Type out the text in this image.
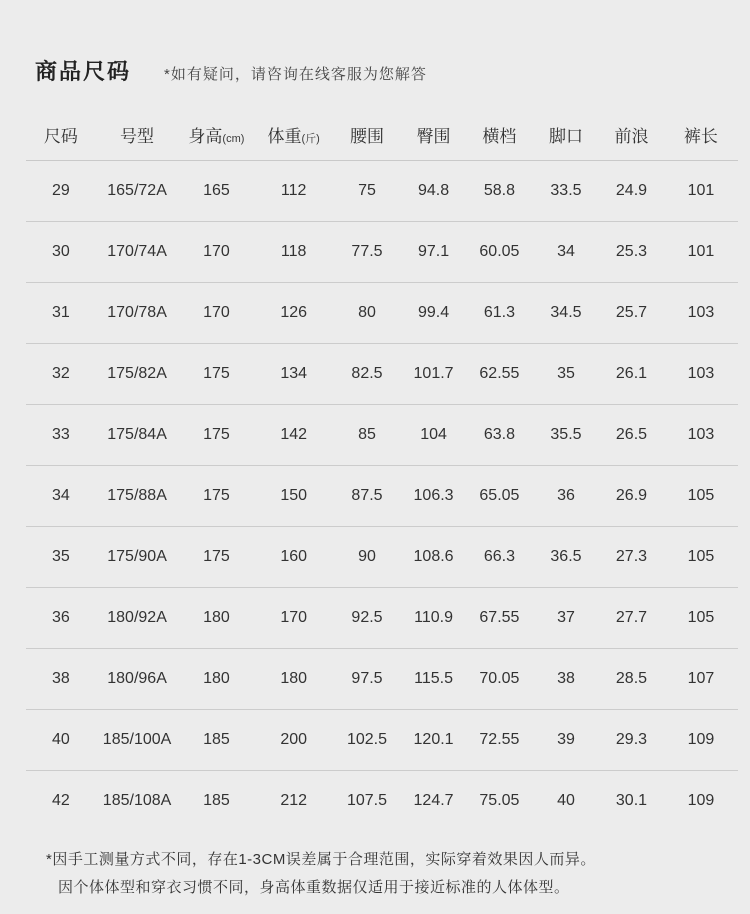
商品尺码 *如有疑问，请咨询在线客服为您解答
尺码	号型	身高(cm)	体重(斤)	腰围	臀围	横档	脚口	前浪	裤长
29	165/72A	165	112	75	94.8	58.8	33.5	24.9	101
30	170/74A	170	118	77.5	97.1	60.05	34	25.3	101
31	170/78A	170	126	80	99.4	61.3	34.5	25.7	103
32	175/82A	175	134	82.5	101.7	62.55	35	26.1	103
33	175/84A	175	142	85	104	63.8	35.5	26.5	103
34	175/88A	175	150	87.5	106.3	65.05	36	26.9	105
35	175/90A	175	160	90	108.6	66.3	36.5	27.3	105
36	180/92A	180	170	92.5	110.9	67.55	37	27.7	105
38	180/96A	180	180	97.5	115.5	70.05	38	28.5	107
40	185/100A	185	200	102.5	120.1	72.55	39	29.3	109
42	185/108A	185	212	107.5	124.7	75.05	40	30.1	109
*因手工测量方式不同，存在1-3CM误差属于合理范围，实际穿着效果因人而异。
因个体体型和穿衣习惯不同，身高体重数据仅适用于接近标准的人体体型。
